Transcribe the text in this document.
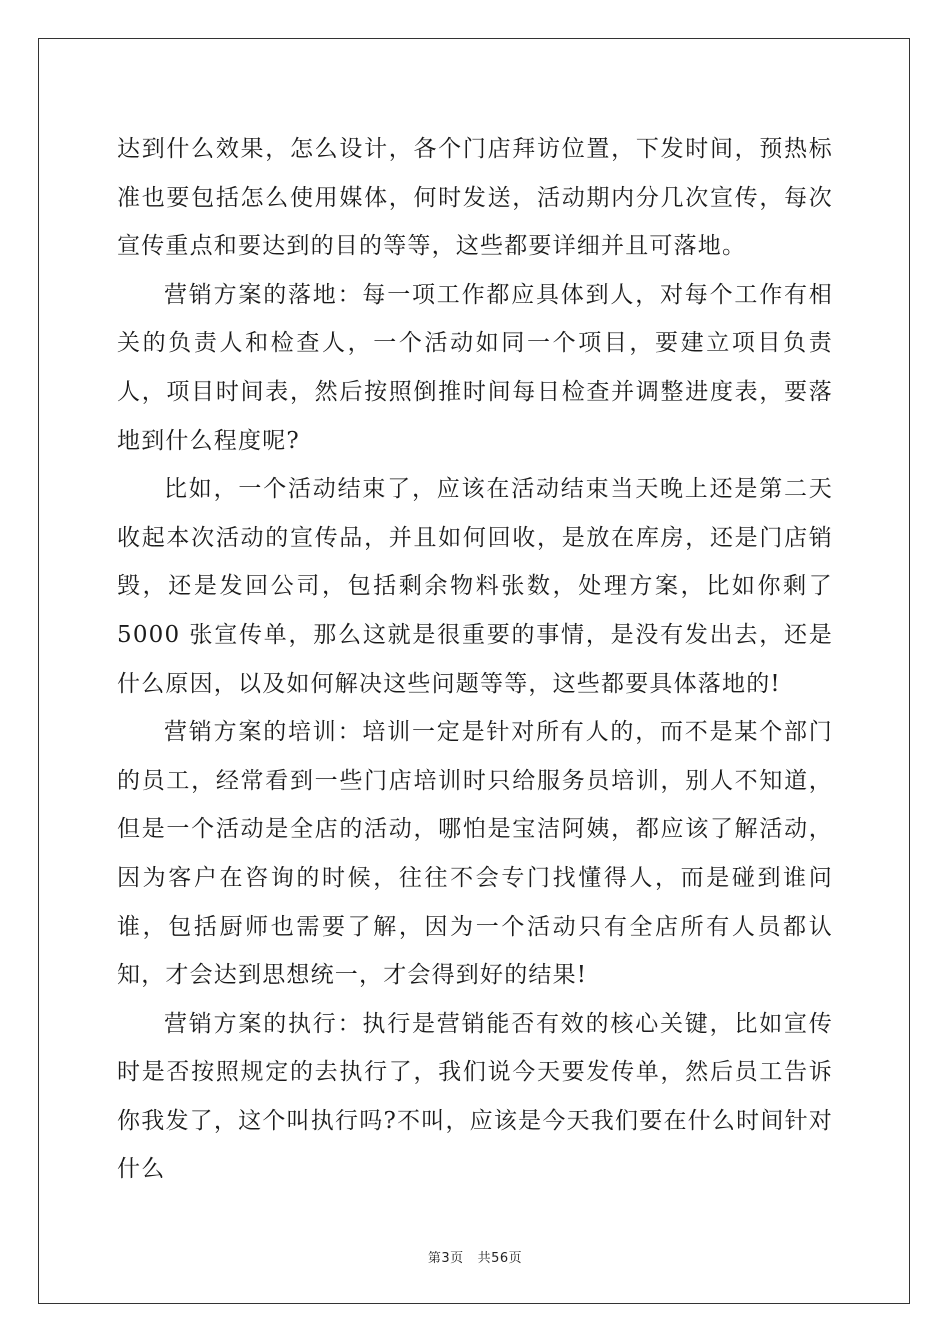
达到什么效果，怎么设计，各个门店拜访位置，下发时间，预热标准也要包括怎么使用媒体，何时发送，活动期内分几次宣传，每次宣传重点和要达到的目的等等，这些都要详细并且可落地。

营销方案的落地：每一项工作都应具体到人，对每个工作有相关的负责人和检查人，一个活动如同一个项目，要建立项目负责人，项目时间表，然后按照倒推时间每日检查并调整进度表，要落地到什么程度呢?

比如，一个活动结束了，应该在活动结束当天晚上还是第二天收起本次活动的宣传品，并且如何回收，是放在库房，还是门店销毁，还是发回公司，包括剩余物料张数，处理方案，比如你剩了 5000 张宣传单，那么这就是很重要的事情，是没有发出去，还是什么原因，以及如何解决这些问题等等，这些都要具体落地的!

营销方案的培训：培训一定是针对所有人的，而不是某个部门的员工，经常看到一些门店培训时只给服务员培训，别人不知道，但是一个活动是全店的活动，哪怕是宝洁阿姨，都应该了解活动，因为客户在咨询的时候，往往不会专门找懂得人，而是碰到谁问谁，包括厨师也需要了解，因为一个活动只有全店所有人员都认知，才会达到思想统一，才会得到好的结果!

营销方案的执行：执行是营销能否有效的核心关键，比如宣传时是否按照规定的去执行了，我们说今天要发传单，然后员工告诉你我发了，这个叫执行吗?不叫，应该是今天我们要在什么时间针对什么

第3页 共56页
